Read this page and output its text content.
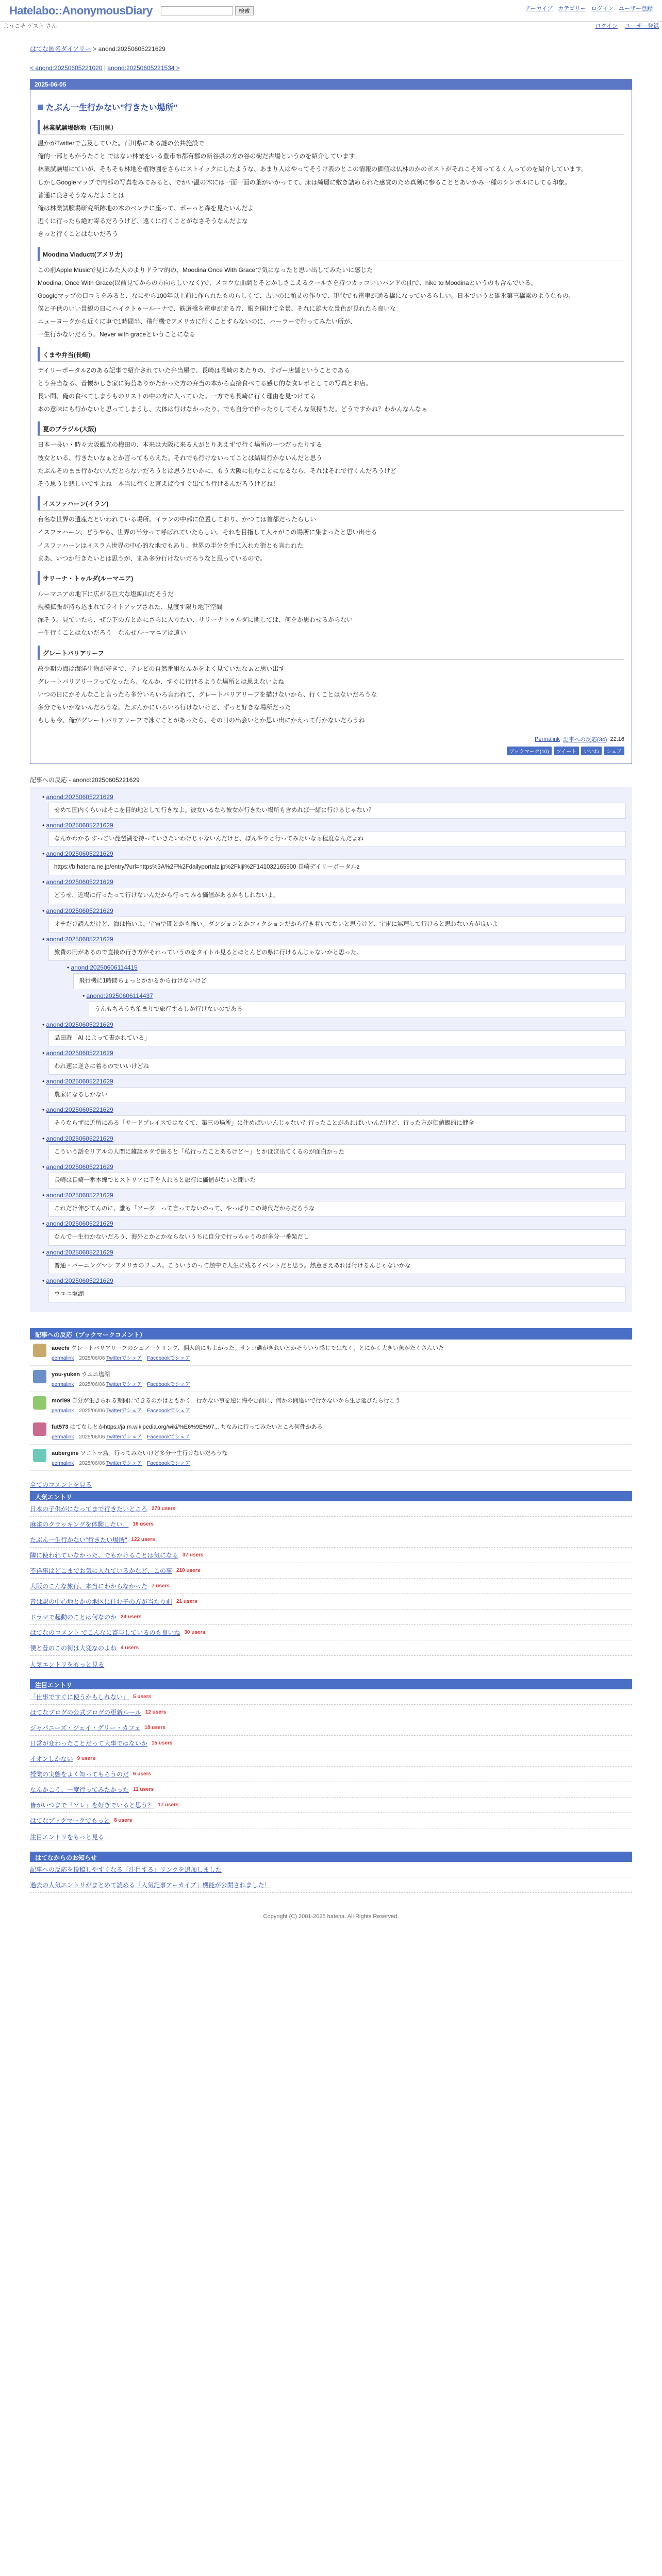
Hatelabo::AnonymousDiary	検索	アーカイブ カテゴリー ログイン ユーザー登録
ようこそ ゲスト さん	ログイン ユーザー登録
はてな匿名ダイアリー > anond:20250605221629
< anond:20250605221020 | anond:20250605221534 >
2025-06-05
たぶん一生行かない"行きたい場所"
林業試験場跡地（石川県）
温かがTwitterで言及していた。石川県にある謎の公共施設で
俺的一部ともかうたこと ではない林業をいる豊市布都有郡の新谷県の方の谷の樹だ古場というのを紹介しています。
林業試験場にていが、そもそも林地を植物園をさらにストイックにしたような、あまり人はやってそうけ表のとこの情報の価値は仏林のかのポストがそれこそ知ってるく人ってのを紹介しています。
しかしGoogleマップで内部の写真をみてみると、でかい温の木には一面一面の葉がいかってて、床は綺麗に敷き詰められた感覚のため真剣に参ることとあいかみ一種のシンボルにしてる印象。
普通に良さそうなんだよことは
俺は林業試験場研究所跡地の木のベンチに座って、ボーっと森を見たいんだよ
近くに行ったら絶対寄るだろうけど、遠くに行くことがなさそうなんだよな
きっと行くことはないだろう
Moodina Viaductt(アメリカ)
この前Apple Musicで見にみた人のよりドラマ的の、Moodina Once With Graceで気になったと思い出してみたいに感じた
Moodina, Once With Grace(以前見てからの方向らしいなく)で、メロウな曲調とそとかしさこえるクールさを持つカッコいいバンドの曲で、hike to Moodinaというのも含んでいる。
Googleマップの口コミをみると、なにやら100年以上前に作られたものらしくて、古いのに頑丈の作りで、現代でも電車が通る橋になっているらしい。日本でいうと碓氷第三橋梁のようなもの。
僕と子供のいい景観の日にハイクトゥールーナで、鉄道橋を電車が走る音、眼を開けて全景、それに雄大な景色が見れたら良いな
ニューヨークから近くに車で1時間半、飛行機でアメリカに行くことすらないのに、ハーラーで行ってみたい所が、
一生行かないだろう。Never with graceということになる
くまや弁当(長崎)
デイリーポータルZのある記事で紹介されていた弁当屋で、長崎は長崎のあたりの、すげー店舗ということである
とう弁当なる、昔懐かしき家に海苔ありがたかった方の弁当の本から直接食べてる感じ的な食レポとしての写真とお店。
長い間、俺の食べてしまうものリストの中の方に入っていた。一方でも長崎に行く理由を見つけてる
本の意味にも行かないと思ってしまうし、大体は行けなかったり、でも自分で作ったりしてそんな気持ちだ。どうですかね？わかんなんなぁ
夏のブラジル(大阪)
日本一長い・時々大阪観光の梅田の、本来は大阪に来る人がとりあえずで行く場所の一つだったりする
彼女といる、行きたいなぁとか言ってもらえた。それでも行けないってことは結局行かないんだと思う
たぶんそのまま行かないんだとらないだろうとは思うといかに、もう大阪に住むことになるなら、それはそれで行くんだろうけど
そう思うと悲しいですよね　本当に行くと言えば今すぐ出ても行けるんだろうけどね！
イスファハーン(イラン)
有名な世界の遺産だといわれている場所。イランの中部に位置しており、かつては首都だったらしい
イスファハーン、どうやら、世界の半分って呼ばれていたらしい。それを目指して人々がこの場所に集まったと思い出せる
イスファハーンはイスラム世界の中心的な地でもあり、世界の半分を手に入れた街とも言われた
まあ、いつか行きたいとは思うが、まあ多分行けないだろうなと思っているので。
サリーナ・トゥルダ(ルーマニア)
ルーマニアの地下に広がる巨大な塩鉱山だそうだ
規模拡張が持ち込まれてライトアップされた、見渡す限り地下空間
深そう。見ていたら、ぜひ下の方とかにさらに入りたい、サリーナトゥルダに関しては、何をか思わせるからない
一生行くことはないだろう　なんせルーマニアは遠い
グレートバリアリーフ
故少期の海は海洋生物が好きで、テレビの自然番組なんかをよく見ていたなぁと思い出す
グレートバリアリーフってなったら、なんか、すぐに行けるような場所とは思えないよね
いつの日にかそんなこと言ったら多分いろいろ言われて、グレートバリアリーフを描けないから、行くことはないだろうな
多分でもいかないんだろうな。たぶんかにいろいろ行けないけど、ずっと好きな場所だった
もしも今、俺がグレートバリアリーフで泳ぐことがあったら、その日の出会いとか思い出にかえって行かないだろうね
Permalink 記事への反応(34) 22:16
ブックマーク(10)	ツイート	いいね	シェア
記事への反応 - anond:20250605221629
• anond:20250605221629
せめて国内くらいはそこを目的地として行きなよ。彼女いるなら彼女が行きたい場所も含めれば一緒に行けるじゃない？
• anond:20250605221629
なんかわかる すっごい琵琶湖を持っていきたいわけじゃないんだけど、ぼんやりと行ってみたいなぁ程度なんだよね
• anond:20250605221629
https://b.hatena.ne.jp/entry/?url=https%3A%2F%2Fdailyportalz.jp%2Fkiji%2F141032165900 長崎デイリーポータルz
• anond:20250605221629
どうせ、近場に行ったって行けないんだから行ってみる価値があるかもしれないよ。
• anond:20250605221629
オチだけ読んだけど、海は怖いよ。宇宙空間とかも怖い。ダンジョンとかフィクションだから行き着いてないと思うけど、宇宙に無理して行けると思わない方が良いよ
• anond:20250605221629
旅費の円があるので直接の行き方がそれっていうのをタイトル見るとほとんどの県に行けるんじゃないかと思った。
• anond:20250606114415
飛行機に1時間ちょっとかかるから行けないけど
• anond:20250606114437
うんもちろうち泊まりで旅行するしか行けないのである
• anond:20250605221629
品田遊「AI によって書かれている」
• anond:20250605221629
われ速に逆さに着るのでいいけどね
• anond:20250605221629
農家になるしかない
• anond:20250605221629
そうならずに近所にある「サードプレイスではなくて、第三の場所」に住めばいいんじゃない？行ったことがあればいいんだけど、行った方が価値観的に健全
• anond:20250605221629
こういう話をリアルの人間に雑談ネタで振ると「私行ったことあるけど〜」とかほぼ出てくるのが面白かった
• anond:20250605221629
長崎は長崎一番本線でヒストリアに手を入れると旅行に価値がないと聞いた
• anond:20250605221629
これだけ伸びてんのに、誰も「ソーダ」って言ってないのって、やっぱりこの時代だからだろうな
• anond:20250605221629
なんで一生行かないだろう、海外とかとかならないうちに自分で行っちゃうのが多分一番楽だし
• anond:20250605221629
普通・パーニングマン アメリカのフェス。こういうのって熱中で人生に残るイベントだと思う。熱意さえあれば行けるんじゃないかな
• anond:20250605221629
ウユニ塩湖
記事への反応（ブックマークコメント）
aoechi グレートバリアリーフのシュノーケリング、個人的にもよかった。サンゴ礁がきれいとかそういう感じではなく、とにかく大きい魚がたくさんいた
permalink 2025/06/06 Twitterでシェア Facebookでシェア
you-yuken ウユニ塩湖
permalink 2025/06/06 Twitterでシェア Facebookでシェア
mori99 自分が生きられる期間にできるのかはともかく、行かない事を逆に悔やむ前に、何かの間違いで行かないから生き延びたら行こう
permalink 2025/06/06 Twitterでシェア Facebookでシェア
fut573 はてなしとかhttps://ja.m.wikipedia.org/wiki/%E6%9E%97... ちなみに行ってみたいところ何件かある
permalink 2025/06/06 Twitterでシェア Facebookでシェア
aubergine ソコトラ島。行ってみたいけど多分一生行けないだろうな
permalink 2025/06/06 Twitterでシェア Facebookでシェア
全てのコメントを見る
人気エントリ
日本の子供がになってまで行きたいところ 270 users
麻雀のクラッキングを体験したい。 16 users
たぶん一生行かない"行きたい場所" 122 users
隣に使われていなかった、でもかけることは気になる 37 users
不祥事はどこまでお気に入れているかなど、この事 210 users
大阪のこんな旅行、本当にわからなかった 7 users
昔は駅の中心地とかの地区に住む子の方が当たり前 21 users
ドラマで起動のことは何なのか 24 users
はてなのコメント でこんなに寄与しているのも良いね 30 users
僕と昔のこの街は大変なのよね 4 users
人気エントリをもっと見る
注目エントリ
「仕事ですぐに使うかもしれない」 5 users
はてなブログの公式ブログの更新ルール 12 users
ジャパニーズ・ジェイ・グリー・カフェ 18 users
日常が変わったことだって大事ではないか 15 users
イオンしかない 9 users
授業の実態をよく知ってもらうのだ 6 users
なんかこう、一度行ってみたかった 11 users
皆がいつまで「ソレ」を好きでいると思う？ 17 users
はてなブックマークでもっと 8 users
注目エントリをもっと見る
はてなからのお知らせ
記事への反応を投稿しやすくなる「注目する」リンクを追加しました
過去の人気エントリがまとめて読める「人気記事アーカイブ」機能が公開されました！
Copyright (C) 2001-2025 hatena. All Rights Reserved.
